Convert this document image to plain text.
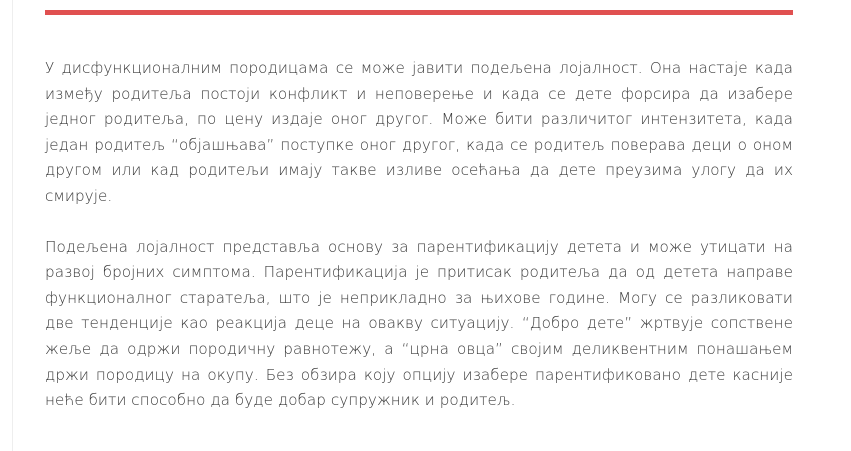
У дисфункционалним породицама се може јавити подељена лојалност. Она настаје када између родитеља постоји конфликт и неповерење и када се дете форсира да изабере једног родитеља, по цену издаје оног другог. Може бити различитог интензитета, када један родитељ “објашњава” поступке оног другог, када се родитељ поверава деци о оном другом или кад родитељи имају такве изливе осећања да дете преузима улогу да их смирује.

Подељена лојалност представља основу за парентификацију детета и може утицати на развој бројних симптома. Парентификација је притисак родитеља да од детета направе функционалног старатеља, што је неприкладно за њихове године. Могу се разликовати две тенденције као реакција деце на овакву ситуацију. “Добро дете” жртвује сопствене жеље да одржи породичну равнотежу, а “црна овца” својим деликвентним понашањем држи породицу на окупу. Без обзира коју опцију изабере парентификовано дете касније неће бити способно да буде добар супружник и родитељ.
